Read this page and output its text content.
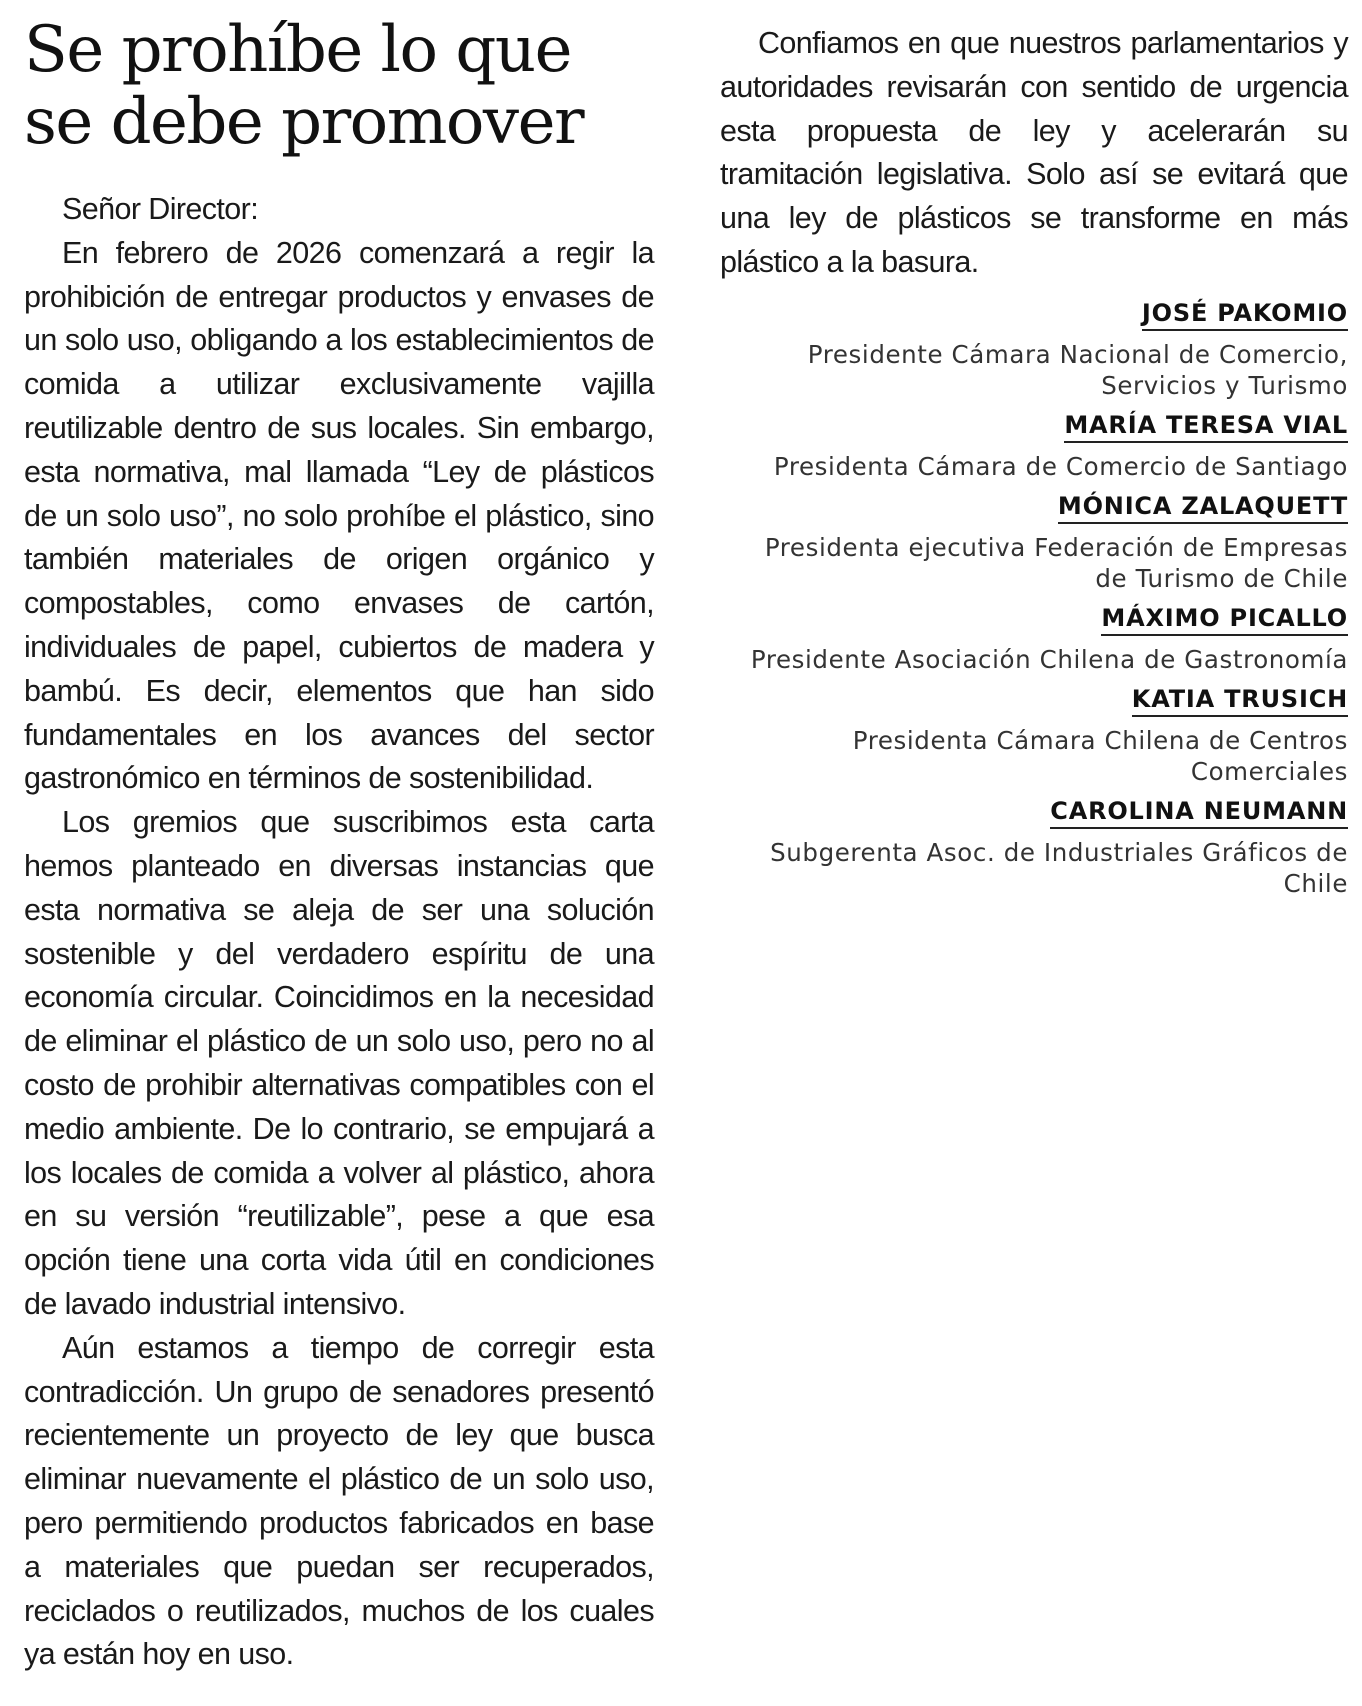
Se prohíbe lo que se debe promover

Señor Director:

En febrero de 2026 comenzará a regir la prohibición de entregar productos y envases de un solo uso, obligando a los establecimientos de comida a utilizar exclusivamente vajilla reutilizable dentro de sus locales. Sin embargo, esta normativa, mal llamada “Ley de plásticos de un solo uso”, no solo prohíbe el plástico, sino también materiales de origen orgánico y compostables, como envases de cartón, individuales de papel, cubiertos de madera y bambú. Es decir, elementos que han sido fundamentales en los avances del sector gastronómico en términos de sostenibilidad.

Los gremios que suscribimos esta carta hemos planteado en diversas instancias que esta normativa se aleja de ser una solución sostenible y del verdadero espíritu de una economía circular. Coincidimos en la necesidad de eliminar el plástico de un solo uso, pero no al costo de prohibir alternativas compatibles con el medio ambiente. De lo contrario, se empujará a los locales de comida a volver al plástico, ahora en su versión “reutilizable”, pese a que esa opción tiene una corta vida útil en condiciones de lavado industrial intensivo.

Aún estamos a tiempo de corregir esta contradicción. Un grupo de senadores presentó recientemente un proyecto de ley que busca eliminar nuevamente el plástico de un solo uso, pero permitiendo productos fabricados en base a materiales que puedan ser recuperados, reciclados o reutilizados, muchos de los cuales ya están hoy en uso.

Confiamos en que nuestros parlamentarios y autoridades revisarán con sentido de urgencia esta propuesta de ley y acelerarán su tramitación legislativa. Solo así se evitará que una ley de plásticos se transforme en más plástico a la basura.

JOSÉ PAKOMIO
Presidente Cámara Nacional de Comercio, Servicios y Turismo
MARÍA TERESA VIAL
Presidenta Cámara de Comercio de Santiago
MÓNICA ZALAQUETT
Presidenta ejecutiva Federación de Empresas de Turismo de Chile
MÁXIMO PICALLO
Presidente Asociación Chilena de Gastronomía
KATIA TRUSICH
Presidenta Cámara Chilena de Centros Comerciales
CAROLINA NEUMANN
Subgerenta Asoc. de Industriales Gráficos de Chile
